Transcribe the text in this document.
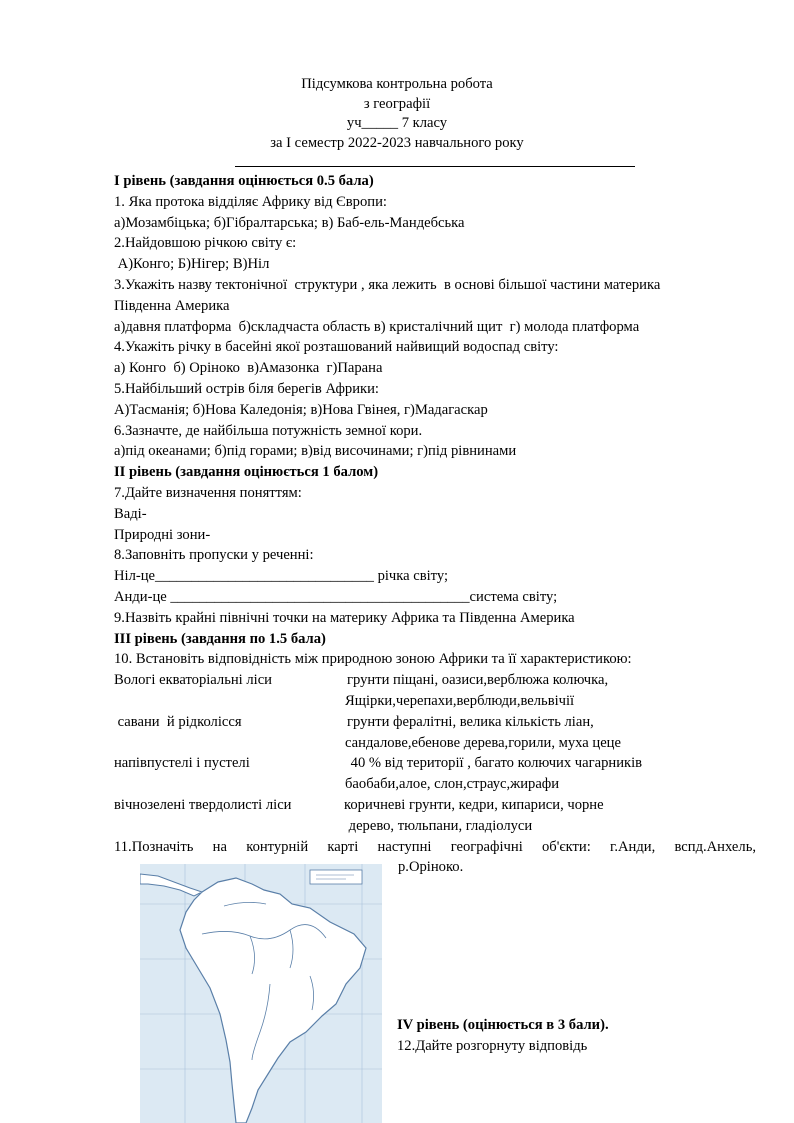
Підсумкова контрольна робота
з географії
уч_____ 7 класу
за І семестр 2022-2023 навчального року
І рівень (завдання оцінюється 0.5 бала)
1. Яка протока відділяє Африку від Європи:
а)Мозамбіцька; б)Гібралтарська; в) Баб-ель-Мандебська
2.Найдовшою річкою світу є:
А)Конго; Б)Нігер; В)Ніл
3.Укажіть назву тектонічної  структури , яка лежить  в основі більшої частини материка
Південна Америка
а)давня платформа  б)складчаста область в) кристалічний щит  г) молода платформа
4.Укажіть річку в басейні якої розташований найвищий водоспад світу:
а) Конго  б) Оріноко  в)Амазонка  г)Парана
5.Найбільший острів біля берегів Африки:
А)Тасманія; б)Нова Каледонія; в)Нова Гвінея, г)Мадагаскар
6.Зазначте, де найбільша потужність земної кори.
а)під океанами; б)під горами; в)від височинами; г)під рівнинами
ІІ рівень (завдання оцінюється 1 балом)
7.Дайте визначення поняттям:
Ваді-
Природні зони-
8.Заповніть пропуски у реченні:
Ніл-це______________________________ річка світу;
Анди-це _________________________________________система світу;
9.Назвіть крайні північні точки на материку Африка та Південна Америка
ІІІ рівень (завдання по 1.5 бала)
10. Встановіть відповідність між природною зоною Африки та її характеристикою:
Вологі екваторіальні ліси	грунти піщані, оазиси,верблюжа колючка,
Ящірки,черепахи,верблюди,вельвічії
савани  й рідколісся	грунти фералітні, велика кількість ліан,
сандалове,ебенове дерева,горили, муха цеце
напівпустелі і пустелі	40 % від території , багато колючих чагарників
баобаби,алое, слон,страус,жирафи
вічнозелені твердолисті ліси	коричневі грунти, кедри, кипариси, чорне
дерево, тюльпани, гладіолуси
11.Позначіть на контурній карті наступні географічні об'єкти: г.Анди, вспд.Анхель,
р.Оріноко.
IV рівень (оцінюється в 3 бали).
12.Дайте розгорнуту відповідь
